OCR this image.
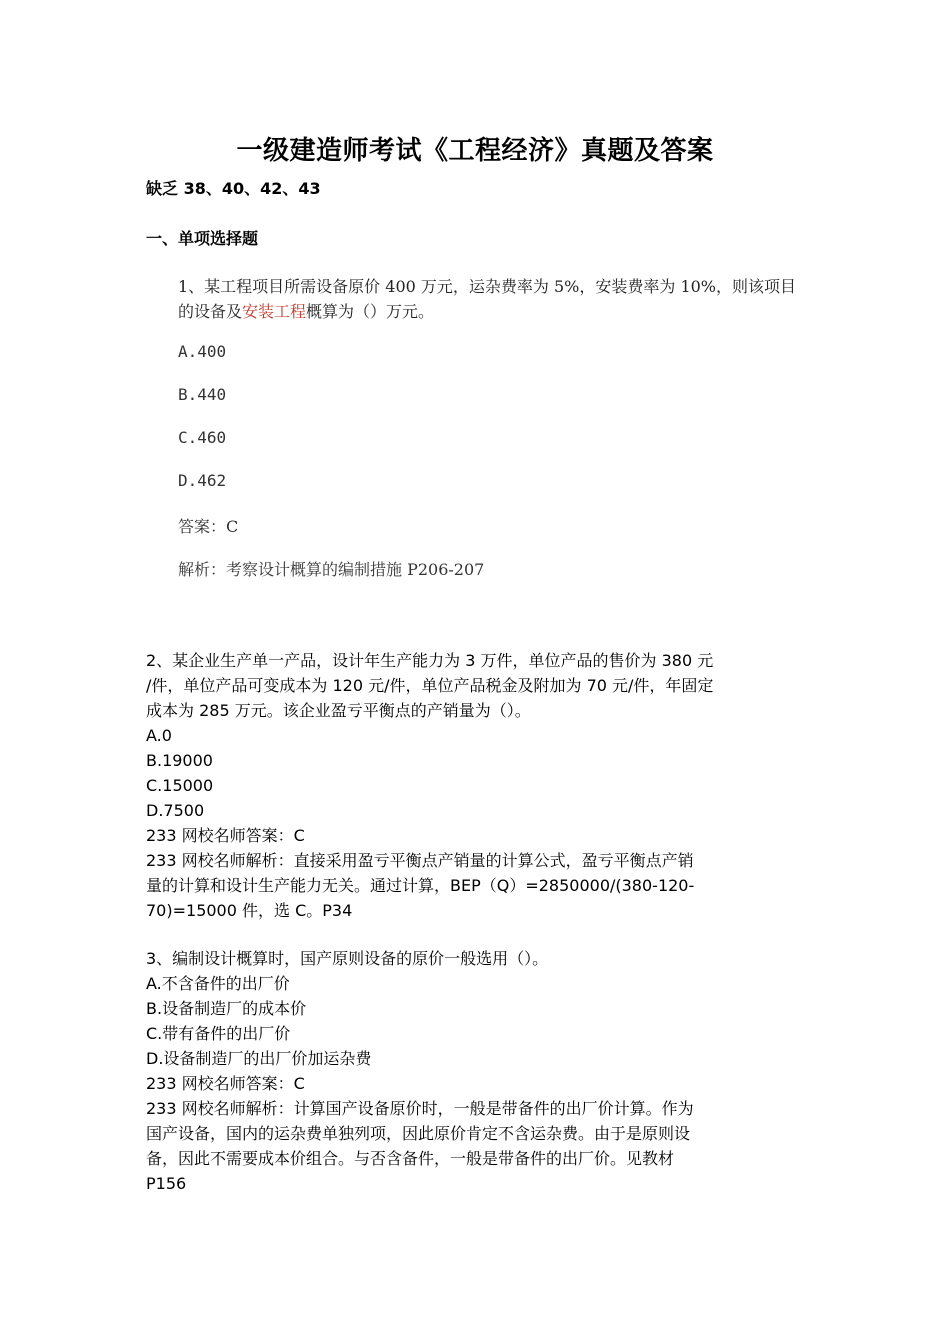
一级建造师考试《工程经济》真题及答案
缺乏 38、40、42、43
一、单项选择题
1、某工程项目所需设备原价 400 万元，运杂费率为 5%，安装费率为 10%，则该项目的设备及安装工程概算为（）万元。
A.400
B.440
C.460
D.462
答案：C
解析：考察设计概算的编制措施 P206-207
2、某企业生产单一产品，设计年生产能力为 3 万件，单位产品的售价为 380 元
/件，单位产品可变成本为 120 元/件，单位产品税金及附加为 70 元/件，年固定
成本为 285 万元。该企业盈亏平衡点的产销量为（）。
A.0
B.19000
C.15000
D.7500
233 网校名师答案：C
233 网校名师解析：直接采用盈亏平衡点产销量的计算公式，盈亏平衡点产销
量的计算和设计生产能力无关。通过计算，BEP（Q）=2850000/(380-120-
70)=15000 件，选 C。P34
3、编制设计概算时，国产原则设备的原价一般选用（）。
A.不含备件的出厂价
B.设备制造厂的成本价
C.带有备件的出厂价
D.设备制造厂的出厂价加运杂费
233 网校名师答案：C
233 网校名师解析：计算国产设备原价时，一般是带备件的出厂价计算。作为
国产设备，国内的运杂费单独列项，因此原价肯定不含运杂费。由于是原则设
备，因此不需要成本价组合。与否含备件，一般是带备件的出厂价。见教材
P156
